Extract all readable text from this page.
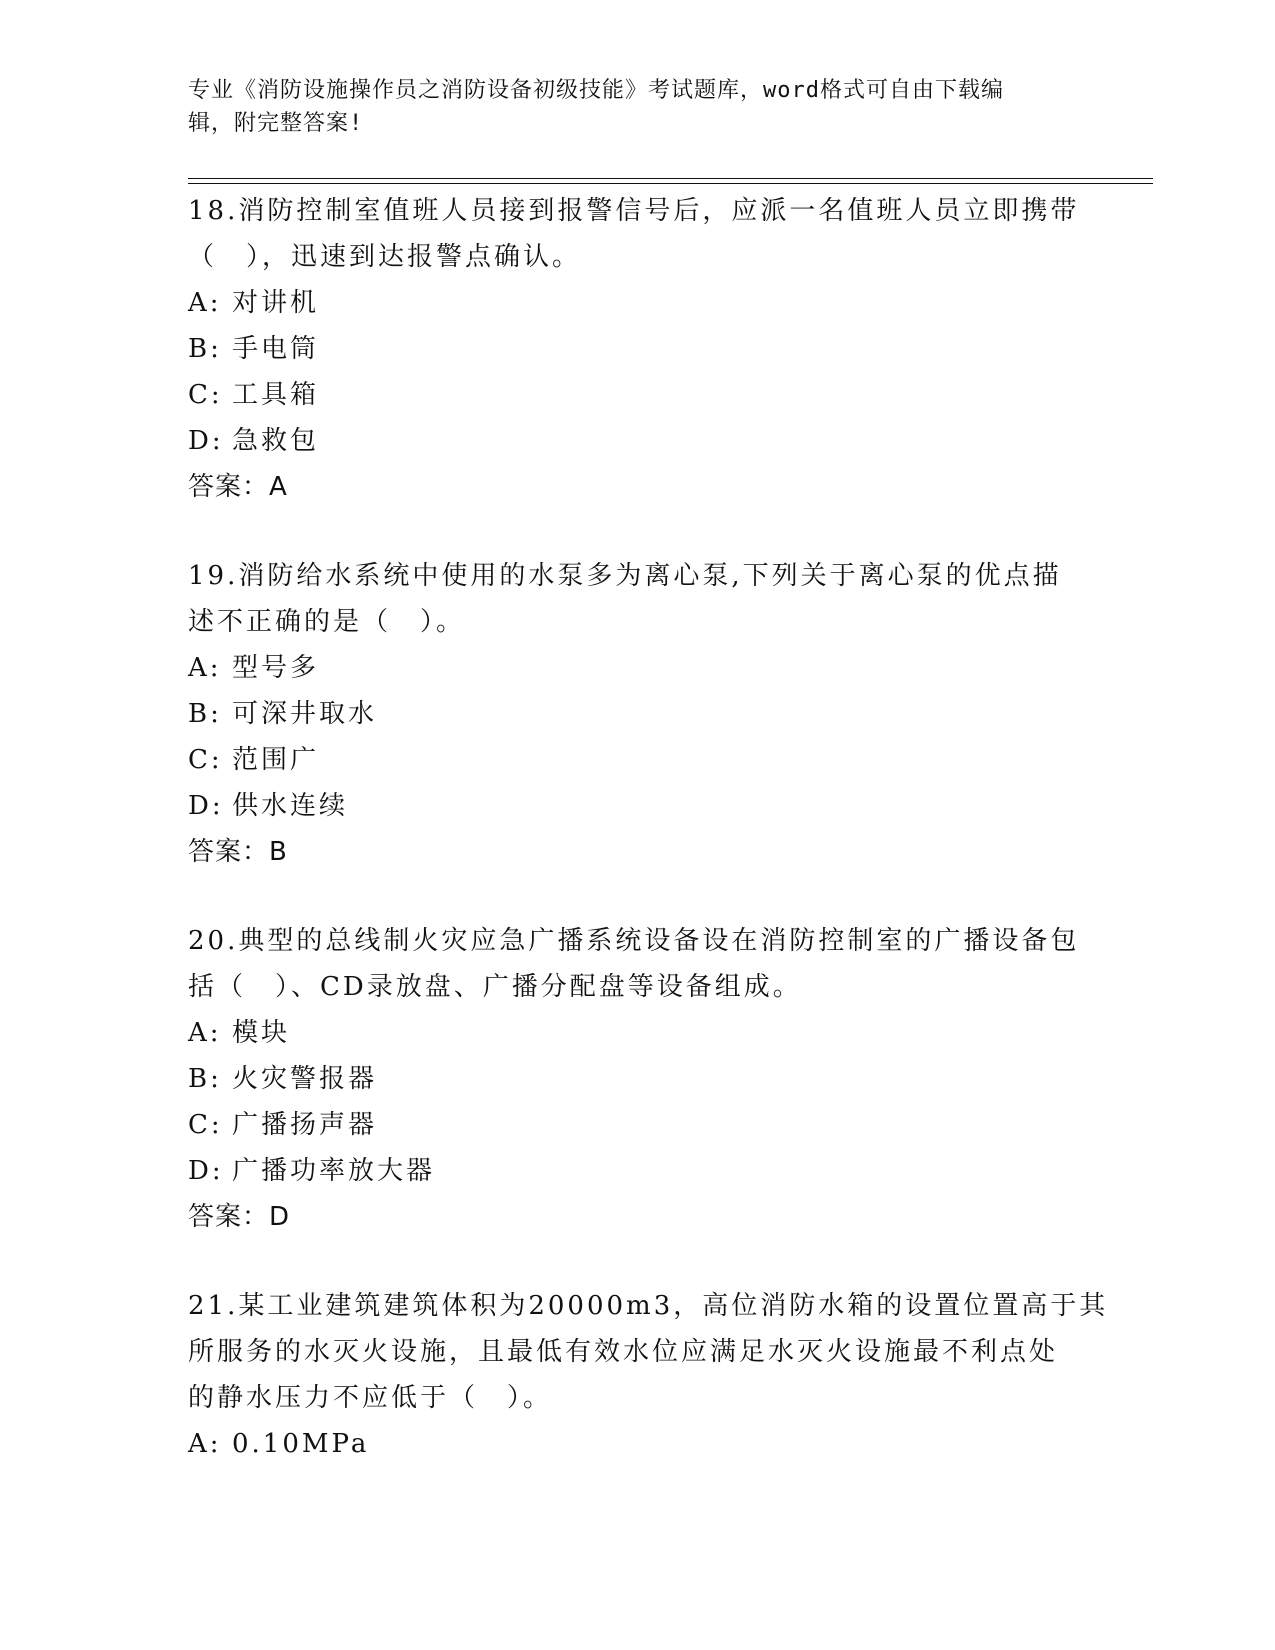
专业《消防设施操作员之消防设备初级技能》考试题库，word格式可自由下载编
辑，附完整答案!

18.消防控制室值班人员接到报警信号后，应派一名值班人员立即携带
（　），迅速到达报警点确认。

A: 对讲机
B: 手电筒
C: 工具箱
D: 急救包
答案：A

19.消防给水系统中使用的水泵多为离心泵,下列关于离心泵的优点描
述不正确的是（　）。

A: 型号多
B: 可深井取水
C: 范围广
D: 供水连续
答案：B

20.典型的总线制火灾应急广播系统设备设在消防控制室的广播设备包
括（　）、CD录放盘、广播分配盘等设备组成。

A: 模块
B: 火灾警报器
C: 广播扬声器
D: 广播功率放大器
答案：D

21.某工业建筑建筑体积为20000m3，高位消防水箱的设置位置高于其
所服务的水灭火设施，且最低有效水位应满足水灭火设施最不利点处
的静水压力不应低于（　）。

A: 0.10MPa
